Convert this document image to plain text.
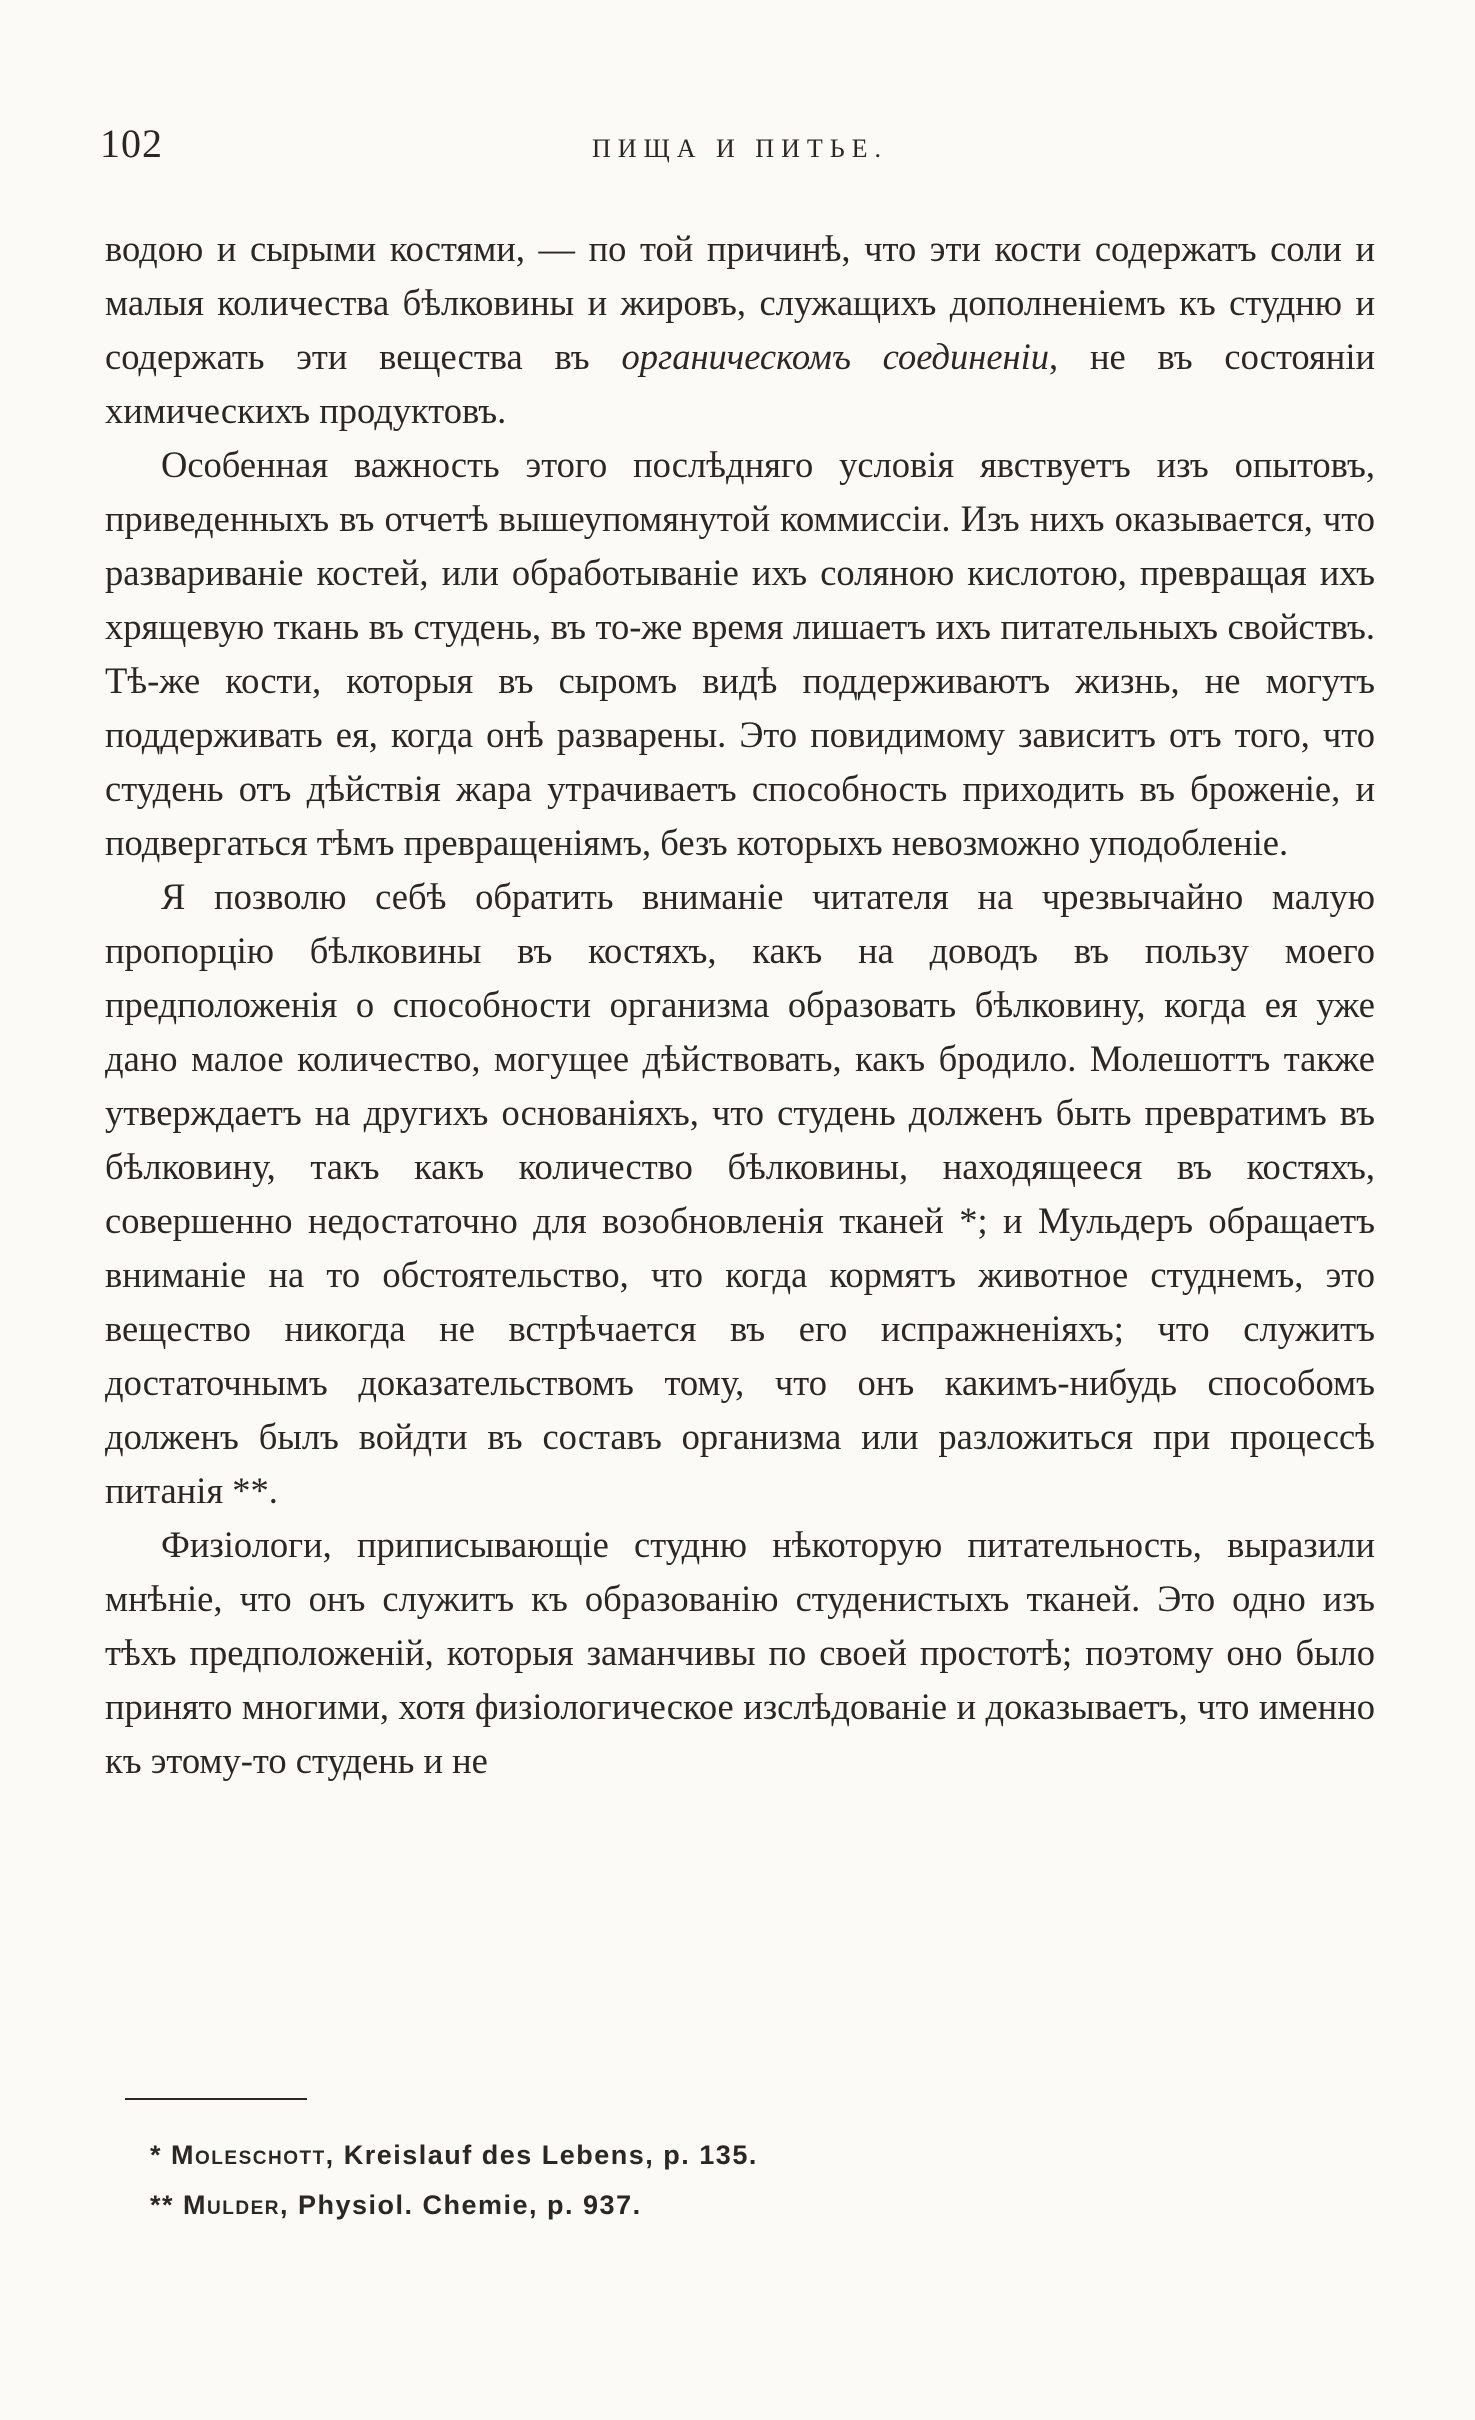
102	ПИЩА И ПИТЬЕ.

водою и сырыми костями, — по той причинѣ, что эти кости содержатъ соли и малыя количества бѣлковины и жировъ, служащихъ дополненіемъ къ студню и содержать эти вещества въ органическомъ соединеніи, не въ состояніи химическихъ продуктовъ.

Особенная важность этого послѣдняго условія явствуетъ изъ опытовъ, приведенныхъ въ отчетѣ вышеупомянутой коммиссіи. Изъ нихъ оказывается, что развариваніе костей, или обработываніе ихъ соляною кислотою, превращая ихъ хрящевую ткань въ студень, въ то-же время лишаетъ ихъ питательныхъ свойствъ. Тѣ-же кости, которыя въ сыромъ видѣ поддерживаютъ жизнь, не могутъ поддерживать ея, когда онѣ разварены. Это повидимому зависитъ отъ того, что студень отъ дѣйствія жара утрачиваетъ способность приходить въ броженіе, и подвергаться тѣмъ превращеніямъ, безъ которыхъ невозможно уподобленіе.

Я позволю себѣ обратить вниманіе читателя на чрезвычайно малую пропорцію бѣлковины въ костяхъ, какъ на доводъ въ пользу моего предположенія о способности организма образовать бѣлковину, когда ея уже дано малое количество, могущее дѣйствовать, какъ бродило. Молешоттъ также утверждаетъ на другихъ основаніяхъ, что студень долженъ быть превратимъ въ бѣлковину, такъ какъ количество бѣлковины, находящееся въ костяхъ, совершенно недостаточно для возобновленія тканей *; и Мульдеръ обращаетъ вниманіе на то обстоятельство, что когда кормятъ животное студнемъ, это вещество никогда не встрѣчается въ его испражненіяхъ; что служитъ достаточнымъ доказательствомъ тому, что онъ какимъ-нибудь способомъ долженъ былъ войдти въ составъ организма или разложиться при процессѣ питанія **.

Физіологи, приписывающіе студню нѣкоторую питательность, выразили мнѣніе, что онъ служитъ къ образованію студенистыхъ тканей. Это одно изъ тѣхъ предположеній, которыя заманчивы по своей простотѣ; поэтому оно было принято многими, хотя физіологическое изслѣдованіе и доказываетъ, что именно къ этому-то студень и не

* Molesсhott, Kreislauf des Lebens, p. 135.

** Mulder, Physiol. Chemie, p. 937.
